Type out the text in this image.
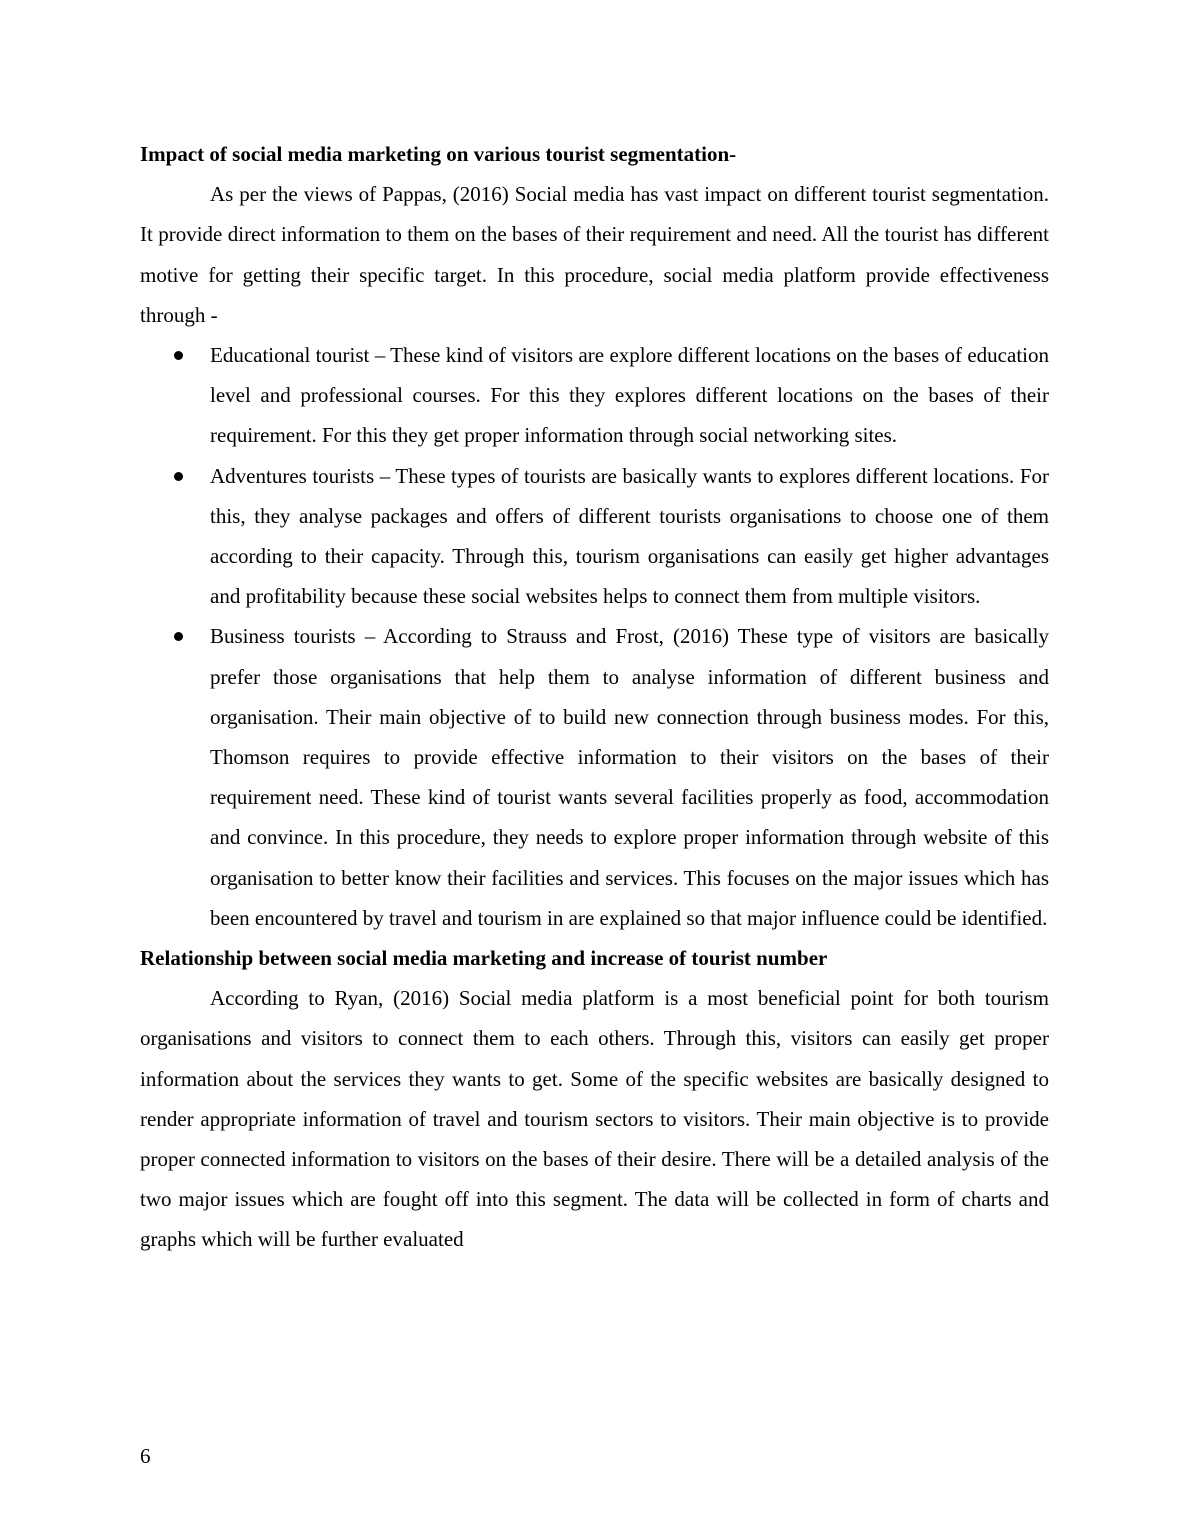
Impact of social media marketing on various tourist segmentation-

As per the views of Pappas, (2016) Social media has vast impact on different tourist segmentation. It provide direct information to them on the bases of their requirement and need. All the tourist has different motive for getting their specific target. In this procedure, social media platform provide effectiveness through -

Educational tourist – These kind of visitors are explore different locations on the bases of education level and professional courses. For this they explores different locations on the bases of their requirement. For this they get proper information through social networking sites.
Adventures tourists – These types of tourists are basically wants to explores different locations. For this, they analyse packages and offers of different tourists organisations to choose one of them according to their capacity. Through this, tourism organisations can easily get higher advantages and profitability because these social websites helps to connect them from multiple visitors.
Business tourists – According to Strauss and Frost, (2016) These type of visitors are basically prefer those organisations that help them to analyse information of different business and organisation. Their main objective of to build new connection through business modes. For this, Thomson requires to provide effective information to their visitors on the bases of their requirement need. These kind of tourist wants several facilities properly as food, accommodation and convince. In this procedure, they needs to explore proper information through website of this organisation to better know their facilities and services. This focuses on the major issues which has been encountered by travel and tourism in are explained so that major influence could be identified.

Relationship between social media marketing and increase of tourist number

According to Ryan, (2016) Social media platform is a most beneficial point for both tourism organisations and visitors to connect them to each others. Through this, visitors can easily get proper information about the services they wants to get. Some of the specific websites are basically designed to render appropriate information of travel and tourism sectors to visitors. Their main objective is to provide proper connected information to visitors on the bases of their desire. There will be a detailed analysis of the two major issues which are fought off into this segment. The data will be collected in form of charts and graphs which will be further evaluated

6
